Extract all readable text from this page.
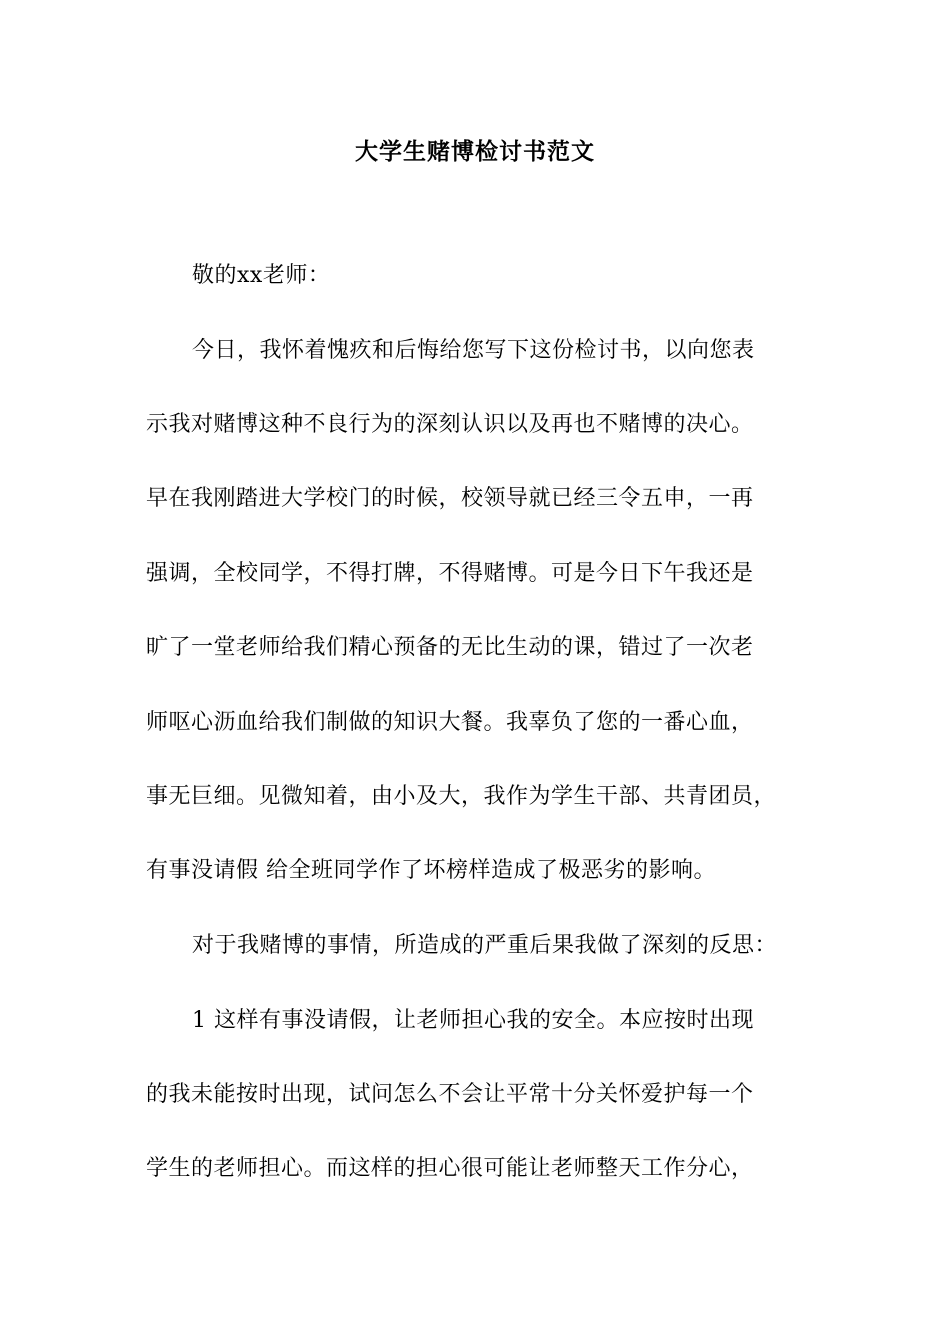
大学生赌博检讨书范文
敬的xx老师：
今日，我怀着愧疚和后悔给您写下这份检讨书，以向您表
示我对赌博这种不良行为的深刻认识以及再也不赌博的决心。
早在我刚踏进大学校门的时候，校领导就已经三令五申，一再
强调，全校同学，不得打牌，不得赌博。可是今日下午我还是
旷了一堂老师给我们精心预备的无比生动的课，错过了一次老
师呕心沥血给我们制做的知识大餐。我辜负了您的一番心血，
事无巨细。见微知着，由小及大，我作为学生干部、共青团员，
有事没请假 给全班同学作了坏榜样造成了极恶劣的影响。
对于我赌博的事情，所造成的严重后果我做了深刻的反思：
1 这样有事没请假，让老师担心我的安全。本应按时出现
的我未能按时出现，试问怎么不会让平常十分关怀爱护每一个
学生的老师担心。而这样的担心很可能让老师整天工作分心，
